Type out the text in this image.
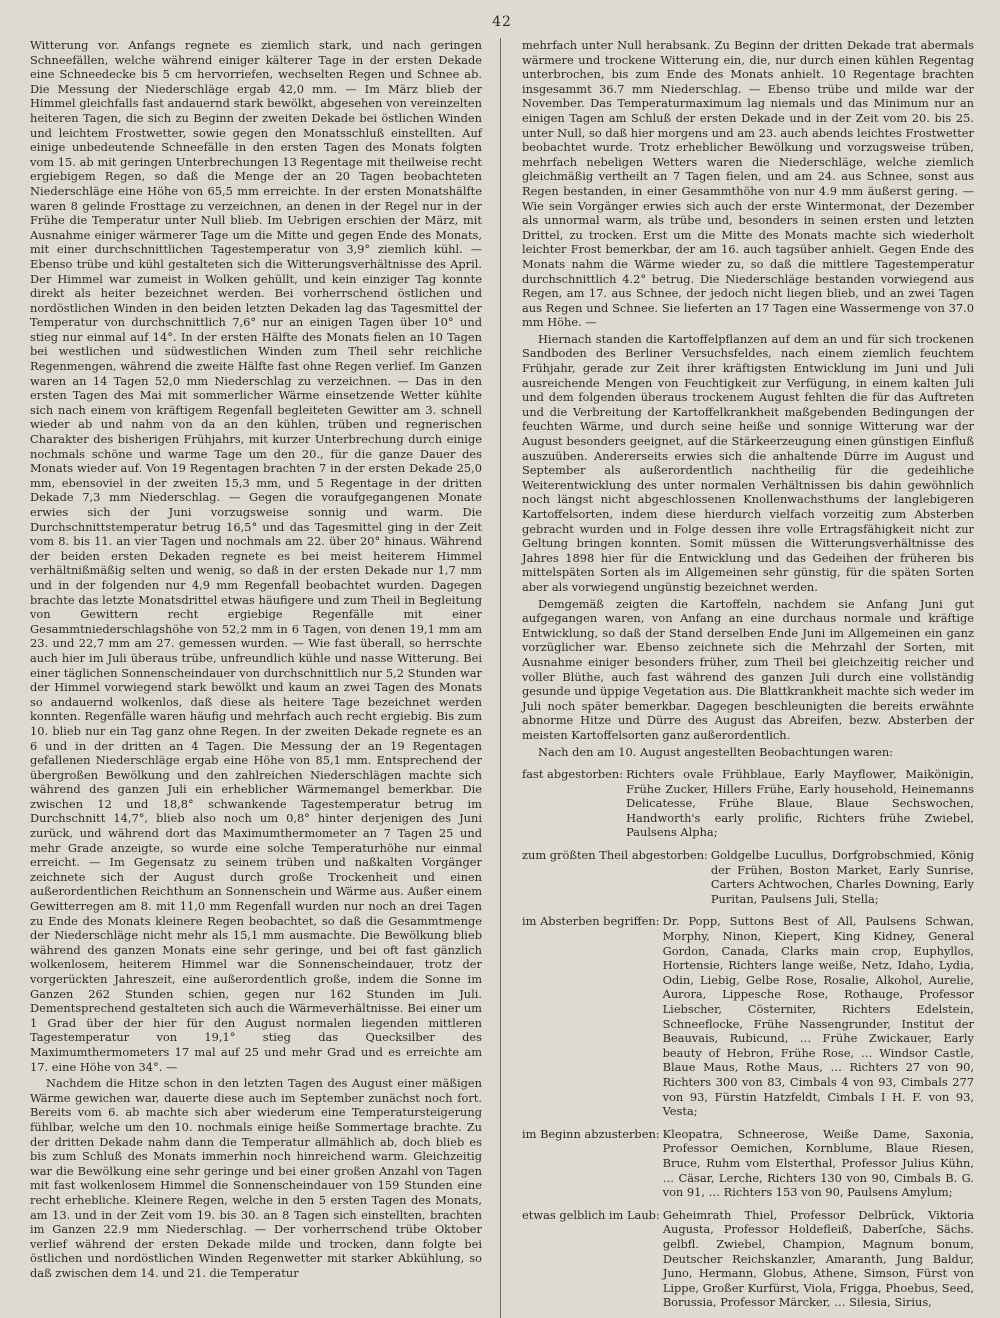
42

Witterung vor. Anfangs regnete es ziemlich stark, und nach geringen Schneefällen, welche während einiger kälterer Tage in der ersten Dekade eine Schneedecke bis 5 cm hervorriefen, wechselten Regen und Schnee ab. Die Messung der Niederschläge ergab 42,0 mm. — Im März blieb der Himmel gleichfalls fast andauernd stark bewölkt, abgesehen von vereinzelten heiteren Tagen, die sich zu Beginn der zweiten Dekade bei östlichen Winden und leichtem Frostwetter, sowie gegen den Monatsschluß einstellten. Auf einige unbedeutende Schneefälle in den ersten Tagen des Monats folgten vom 15. ab mit geringen Unterbrechungen 13 Regentage mit theilweise recht ergiebigem Regen, so daß die Menge der an 20 Tagen beobachteten Niederschläge eine Höhe von 65,5 mm erreichte. In der ersten Monatshälfte waren 8 gelinde Frosttage zu verzeichnen, an denen in der Regel nur in der Frühe die Temperatur unter Null blieb. Im Uebrigen erschien der März, mit Ausnahme einiger wärmerer Tage um die Mitte und gegen Ende des Monats, mit einer durchschnittlichen Tagestemperatur von 3,9° ziemlich kühl. — Ebenso trübe und kühl gestalteten sich die Witterungsverhältnisse des April. Der Himmel war zumeist in Wolken gehüllt, und kein einziger Tag konnte direkt als heiter bezeichnet werden. Bei vorherrschend östlichen und nordöstlichen Winden in den beiden letzten Dekaden lag das Tagesmittel der Temperatur von durchschnittlich 7,6° nur an einigen Tagen über 10° und stieg nur einmal auf 14°. In der ersten Hälfte des Monats fielen an 10 Tagen bei westlichen und südwestlichen Winden zum Theil sehr reichliche Regenmengen, während die zweite Hälfte fast ohne Regen verlief. Im Ganzen waren an 14 Tagen 52,0 mm Niederschlag zu verzeichnen. — Das in den ersten Tagen des Mai mit sommerlicher Wärme einsetzende Wetter kühlte sich nach einem von kräftigem Regenfall begleiteten Gewitter am 3. schnell wieder ab und nahm von da an den kühlen, trüben und regnerischen Charakter des bisherigen Frühjahrs, mit kurzer Unterbrechung durch einige nochmals schöne und warme Tage um den 20., für die ganze Dauer des Monats wieder auf. Von 19 Regentagen brachten 7 in der ersten Dekade 25,0 mm, ebensoviel in der zweiten 15,3 mm, und 5 Regentage in der dritten Dekade 7,3 mm Niederschlag. — Gegen die voraufgegangenen Monate erwies sich der Juni vorzugsweise sonnig und warm. Die Durchschnittstemperatur betrug 16,5° und das Tagesmittel ging in der Zeit vom 8. bis 11. an vier Tagen und nochmals am 22. über 20° hinaus. Während der beiden ersten Dekaden regnete es bei meist heiterem Himmel verhältnißmäßig selten und wenig, so daß in der ersten Dekade nur 1,7 mm und in der folgenden nur 4,9 mm Regenfall beobachtet wurden. Dagegen brachte das letzte Monatsdrittel etwas häufigere und zum Theil in Begleitung von Gewittern recht ergiebige Regenfälle mit einer Gesammtniederschlagshöhe von 52,2 mm in 6 Tagen, von denen 19,1 mm am 23. und 22,7 mm am 27. gemessen wurden. — Wie fast überall, so herrschte auch hier im Juli überaus trübe, unfreundlich kühle und nasse Witterung. Bei einer täglichen Sonnenscheindauer von durchschnittlich nur 5,2 Stunden war der Himmel vorwiegend stark bewölkt und kaum an zwei Tagen des Monats so andauernd wolkenlos, daß diese als heitere Tage bezeichnet werden konnten. Regenfälle waren häufig und mehrfach auch recht ergiebig. Bis zum 10. blieb nur ein Tag ganz ohne Regen. In der zweiten Dekade regnete es an 6 und in der dritten an 4 Tagen. Die Messung der an 19 Regentagen gefallenen Niederschläge ergab eine Höhe von 85,1 mm. Entsprechend der übergroßen Bewölkung und den zahlreichen Niederschlägen machte sich während des ganzen Juli ein erheblicher Wärmemangel bemerkbar. Die zwischen 12 und 18,8° schwankende Tagestemperatur betrug im Durchschnitt 14,7°, blieb also noch um 0,8° hinter derjenigen des Juni zurück, und während dort das Maximumthermometer an 7 Tagen 25 und mehr Grade anzeigte, so wurde eine solche Temperaturhöhe nur einmal erreicht. — Im Gegensatz zu seinem trüben und naßkalten Vorgänger zeichnete sich der August durch große Trockenheit und einen außerordentlichen Reichthum an Sonnenschein und Wärme aus. Außer einem Gewitterregen am 8. mit 11,0 mm Regenfall wurden nur noch an drei Tagen zu Ende des Monats kleinere Regen beobachtet, so daß die Gesammtmenge der Niederschläge nicht mehr als 15,1 mm ausmachte. Die Bewölkung blieb während des ganzen Monats eine sehr geringe, und bei oft fast gänzlich wolkenlosem, heiterem Himmel war die Sonnenscheindauer, trotz der vorgerückten Jahreszeit, eine außerordentlich große, indem die Sonne im Ganzen 262 Stunden schien, gegen nur 162 Stunden im Juli. Dementsprechend gestalteten sich auch die Wärmeverhältnisse. Bei einer um 1 Grad über der hier für den August normalen liegenden mittleren Tagestemperatur von 19,1° stieg das Quecksilber des Maximumthermometers 17 mal auf 25 und mehr Grad und es erreichte am 17. eine Höhe von 34°. —

Nachdem die Hitze schon in den letzten Tagen des August einer mäßigen Wärme gewichen war, dauerte diese auch im September zunächst noch fort. Bereits vom 6. ab machte sich aber wiederum eine Temperatursteigerung fühlbar, welche um den 10. nochmals einige heiße Sommertage brachte. Zu der dritten Dekade nahm dann die Temperatur allmählich ab, doch blieb es bis zum Schluß des Monats immerhin noch hinreichend warm. Gleichzeitig war die Bewölkung eine sehr geringe und bei einer großen Anzahl von Tagen mit fast wolkenlosem Himmel die Sonnenscheindauer von 159 Stunden eine recht erhebliche. Kleinere Regen, welche in den 5 ersten Tagen des Monats, am 13. und in der Zeit vom 19. bis 30. an 8 Tagen sich einstellten, brachten im Ganzen 22.9 mm Niederschlag. — Der vorherrschend trübe Oktober verlief während der ersten Dekade milde und trocken, dann folgte bei östlichen und nordöstlichen Winden Regenwetter mit starker Abkühlung, so daß zwischen dem 14. und 21. die Temperatur

mehrfach unter Null herabsank. Zu Beginn der dritten Dekade trat abermals wärmere und trockene Witterung ein, die, nur durch einen kühlen Regentag unterbrochen, bis zum Ende des Monats anhielt. 10 Regentage brachten insgesammt 36.7 mm Niederschlag. — Ebenso trübe und milde war der November. Das Temperaturmaximum lag niemals und das Minimum nur an einigen Tagen am Schluß der ersten Dekade und in der Zeit vom 20. bis 25. unter Null, so daß hier morgens und am 23. auch abends leichtes Frostwetter beobachtet wurde. Trotz erheblicher Bewölkung und vorzugsweise trüben, mehrfach nebeligen Wetters waren die Niederschläge, welche ziemlich gleichmäßig vertheilt an 7 Tagen fielen, und am 24. aus Schnee, sonst aus Regen bestanden, in einer Gesammthöhe von nur 4.9 mm äußerst gering. — Wie sein Vorgänger erwies sich auch der erste Wintermonat, der Dezember als unnormal warm, als trübe und, besonders in seinen ersten und letzten Drittel, zu trocken. Erst um die Mitte des Monats machte sich wiederholt leichter Frost bemerkbar, der am 16. auch tagsüber anhielt. Gegen Ende des Monats nahm die Wärme wieder zu, so daß die mittlere Tagestemperatur durchschnittlich 4.2° betrug. Die Niederschläge bestanden vorwiegend aus Regen, am 17. aus Schnee, der jedoch nicht liegen blieb, und an zwei Tagen aus Regen und Schnee. Sie lieferten an 17 Tagen eine Wassermenge von 37.0 mm Höhe. —

Hiernach standen die Kartoffelpflanzen auf dem an und für sich trockenen Sandboden des Berliner Versuchsfeldes, nach einem ziemlich feuchtem Frühjahr, gerade zur Zeit ihrer kräftigsten Entwicklung im Juni und Juli ausreichende Mengen von Feuchtigkeit zur Verfügung, in einem kalten Juli und dem folgenden überaus trockenem August fehlten die für das Auftreten und die Verbreitung der Kartoffelkrankheit maßgebenden Bedingungen der feuchten Wärme, und durch seine heiße und sonnige Witterung war der August besonders geeignet, auf die Stärkeerzeugung einen günstigen Einfluß auszuüben. Andererseits erwies sich die anhaltende Dürre im August und September als außerordentlich nachtheilig für die gedeihliche Weiterentwicklung des unter normalen Verhältnissen bis dahin gewöhnlich noch längst nicht abgeschlossenen Knollenwachsthums der langlebigeren Kartoffelsorten, indem diese hierdurch vielfach vorzeitig zum Absterben gebracht wurden und in Folge dessen ihre volle Ertragsfähigkeit nicht zur Geltung bringen konnten. Somit müssen die Witterungsverhältnisse des Jahres 1898 hier für die Entwicklung und das Gedeihen der früheren bis mittelspäten Sorten als im Allgemeinen sehr günstig, für die späten Sorten aber als vorwiegend ungünstig bezeichnet werden.

Demgemäß zeigten die Kartoffeln, nachdem sie Anfang Juni gut aufgegangen waren, von Anfang an eine durchaus normale und kräftige Entwicklung, so daß der Stand derselben Ende Juni im Allgemeinen ein ganz vorzüglicher war. Ebenso zeichnete sich die Mehrzahl der Sorten, mit Ausnahme einiger besonders früher, zum Theil bei gleichzeitig reicher und voller Blüthe, auch fast während des ganzen Juli durch eine vollständig gesunde und üppige Vegetation aus. Die Blattkrankheit machte sich weder im Juli noch später bemerkbar. Dagegen beschleunigten die bereits erwähnte abnorme Hitze und Dürre des August das Abreifen, bezw. Absterben der meisten Kartoffelsorten ganz außerordentlich.

Nach den am 10. August angestellten Beobachtungen waren:

fast abgestorben: Richters ovale Frühblaue, Early Mayflower, Maikönigin, Frühe Zucker, Hillers Frühe, Early household, Heinemanns Delicatesse, Frühe Blaue, Blaue Sechswochen, Handworth's early prolific, Richters frühe Zwiebel, Paulsens Alpha;
zum größten Theil abgestorben: Goldgelbe Lucullus, Dorfgrobschmied, König der Frühen, Boston Market, Early Sunrise, Carters Achtwochen, Charles Downing, Early Puritan, Paulsens Juli, Stella;
im Absterben begriffen: Dr. Popp, Suttons Best of All, Paulsens Schwan, Morphy, Ninon, Kiepert, King Kidney, General Gordon, Canada, Clarks main crop, Euphyllos, Hortensie, Richters lange weiße, Netz, Idaho, Lydia, Odin, Liebig, Gelbe Rose, Rosalie, Alkohol, Aurelie, Aurora, Lippesche Rose, Rothauge, Professor Liebscher, Cösterniter, Richters Edelstein, Schneeflocke, Frühe Nassengrunder, Institut der Beauvais, Rubicund, … Frühe Zwickauer, Early beauty of Hebron, Frühe Rose, … Windsor Castle, Blaue Maus, Rothe Maus, … Richters 27 von 90, Richters 300 von 83, Cimbals 4 von 93, Cimbals 277 von 93, Fürstin Hatzfeldt, Cimbals I H. F. von 93, Vesta;
im Beginn abzusterben: Kleopatra, Schneerose, Weiße Dame, Saxonia, Professor Oemichen, Kornblume, Blaue Riesen, Bruce, Ruhm vom Elsterthal, Professor Julius Kühn, … Cäsar, Lerche, Richters 130 von 90, Cimbals B. G. von 91, … Richters 153 von 90, Paulsens Amylum;
etwas gelblich im Laub: Geheimrath Thiel, Professor Delbrück, Viktoria Augusta, Professor Holdefleiß, Daberſche, Sächs. gelbfl. Zwiebel, Champion, Magnum bonum, Deutscher Reichskanzler, Amaranth, Jung Baldur, Juno, Hermann, Globus, Athene, Simson, Fürst von Lippe, Großer Kurfürst, Viola, Frigga, Phoebus, Seed, Borussia, Professor Märcker, … Silesia, Sirius,
